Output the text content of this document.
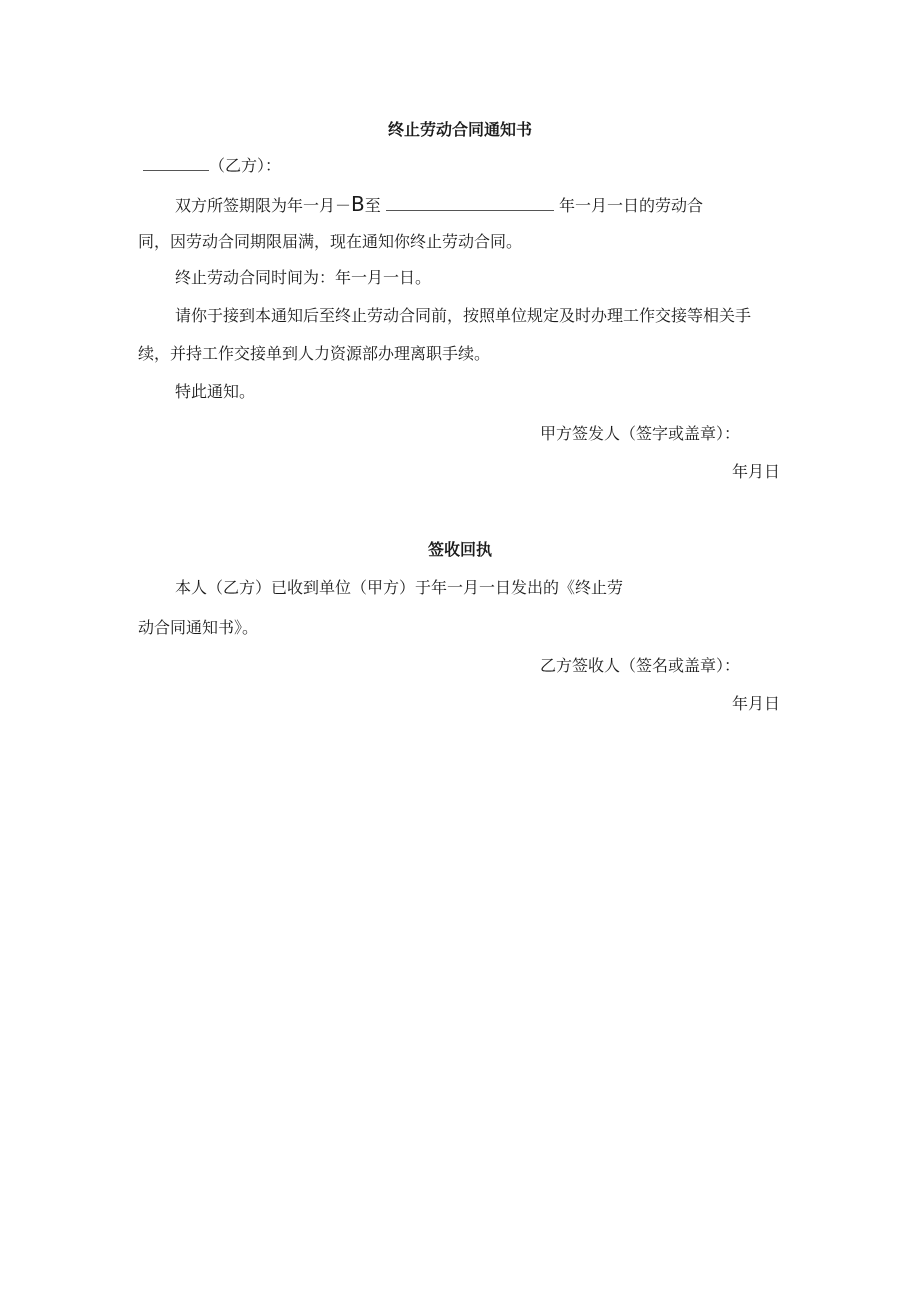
终止劳动合同通知书
（乙方）：
双方所签期限为年一月－B至	年一月一日的劳动合
同，因劳动合同期限届满，现在通知你终止劳动合同。
终止劳动合同时间为：年一月一日。
请你于接到本通知后至终止劳动合同前，按照单位规定及时办理工作交接等相关手
续，并持工作交接单到人力资源部办理离职手续。
特此通知。
甲方签发人（签字或盖章）：
年月日
签收回执
本人（乙方）已收到单位（甲方）于年一月一日发出的《终止劳
动合同通知书》。
乙方签收人（签名或盖章）：
年月日
